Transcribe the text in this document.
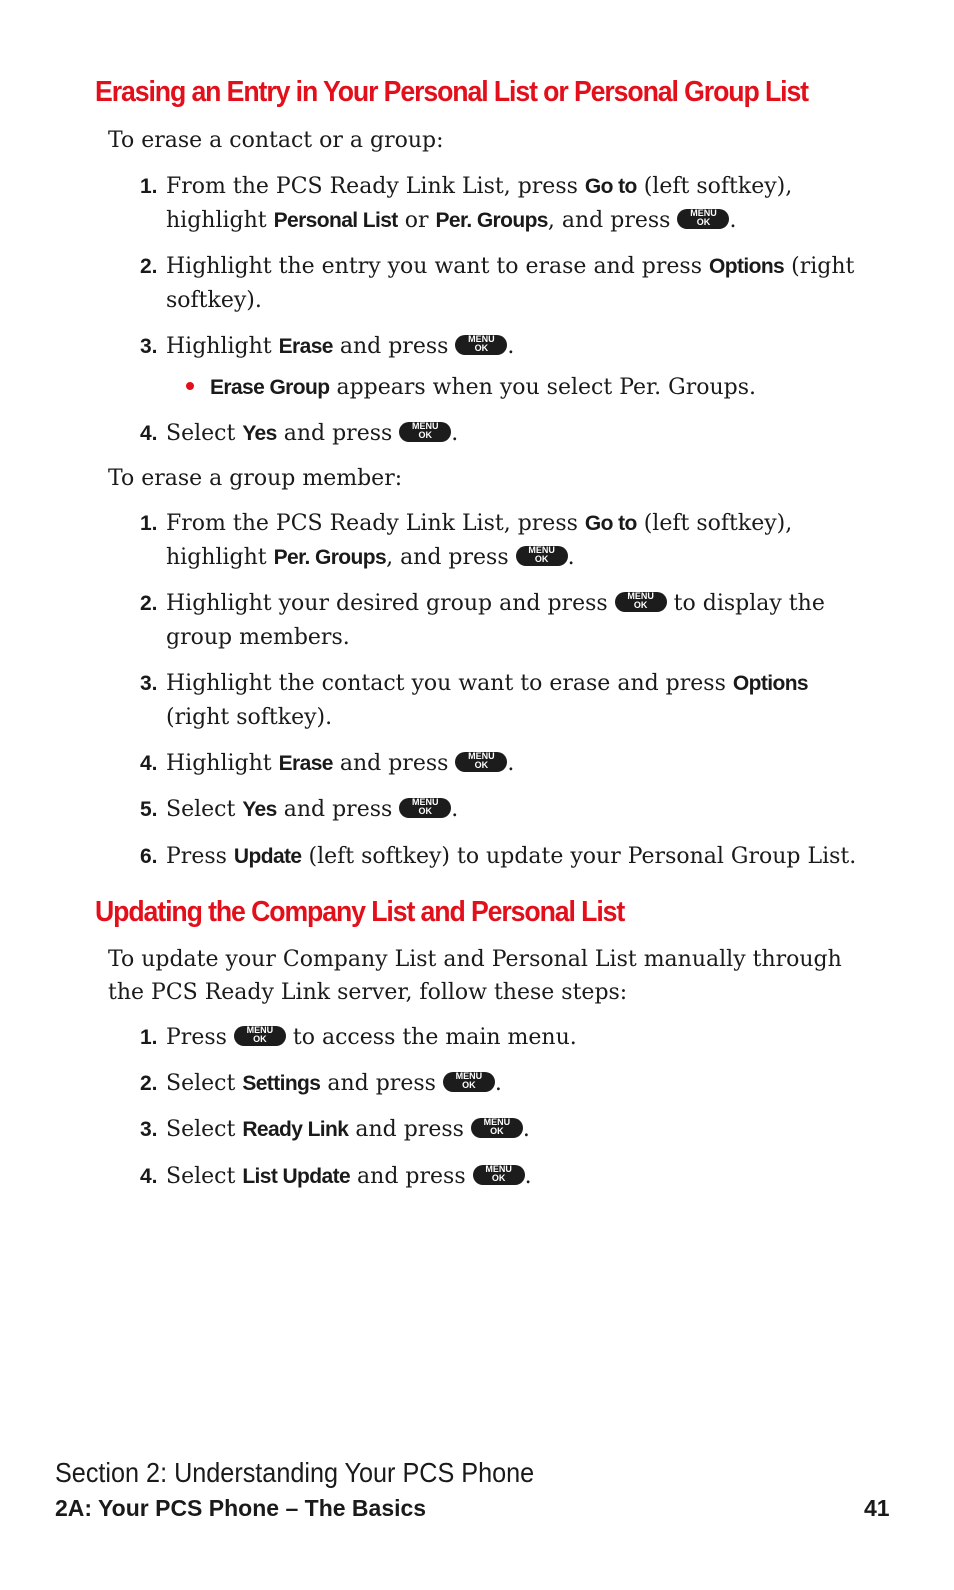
Erasing an Entry in Your Personal List or Personal Group List

To erase a contact or a group:

1. From the PCS Ready Link List, press Go to (left softkey), highlight Personal List or Per. Groups, and press	MENU
OK .
2. Highlight the entry you want to erase and press Options (right softkey).
3. Highlight Erase and press	MENU
OK .
Erase Group appears when you select Per. Groups.
4. Select Yes and press	MENU
OK .

To erase a group member:

1. From the PCS Ready Link List, press Go to (left softkey), highlight Per. Groups, and press	MENU
OK .
2. Highlight your desired group and press	MENU
OK to display the group members.
3. Highlight the contact you want to erase and press Options (right softkey).
4. Highlight Erase and press	MENU
OK .
5. Select Yes and press	MENU
OK .
6. Press Update (left softkey) to update your Personal Group List.
Updating the Company List and Personal List

To update your Company List and Personal List manually through the PCS Ready Link server, follow these steps:

1. Press	MENU
OK to access the main menu.
2. Select Settings and press	MENU
OK .
3. Select Ready Link and press	MENU
OK .
4. Select List Update and press	MENU
OK .
Section 2: Understanding Your PCS Phone
2A: Your PCS Phone – The Basics	41
